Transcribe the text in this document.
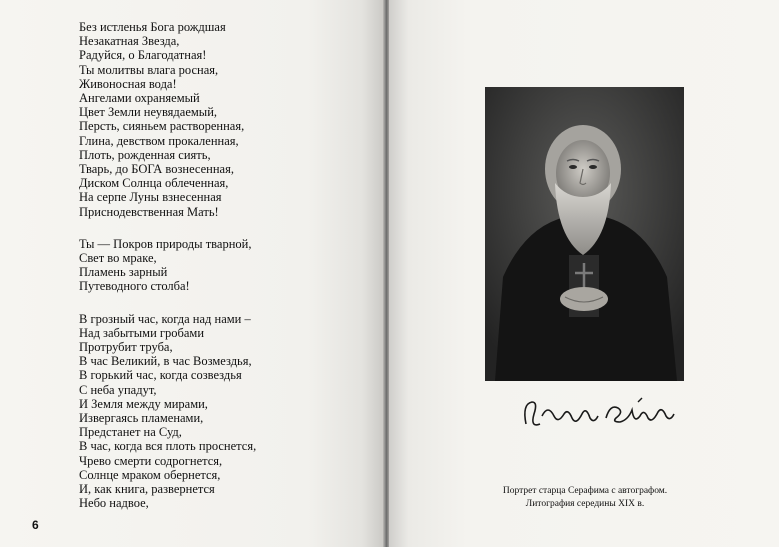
Без истленья Бога рождшая
Незакатная Звезда,
Радуйся, о Благодатная!
Ты молитвы влага росная,
Живоносная вода!
Ангелами охраняемый
Цвет Земли неувядаемый,
Персть, сияньем растворенная,
Глина, девством прокаленная,
Плоть, рожденная сиять,
Тварь, до БОГА вознесенная,
Диском Солнца облеченная,
На серпе Луны взнесенная
Приснодевственная Мать!
Ты — Покров природы тварной,
Свет во мраке,
Пламень зарный
Путеводного столба!
В грозный час, когда над нами –
Над забытыми гробами
Протрубит труба,
В час Великий, в час Возмездья,
В горький час, когда созвездья
С неба упадут,
И Земля между мирами,
Извергаясь пламенами,
Предстанет на Суд,
В час, когда вся плоть проснется,
Чрево смерти содрогнется,
Солнце мраком обернется,
И, как книга, развернется
Небо надвое,
6
Портрет старца Серафима с автографом.
Литография середины XIX в.
